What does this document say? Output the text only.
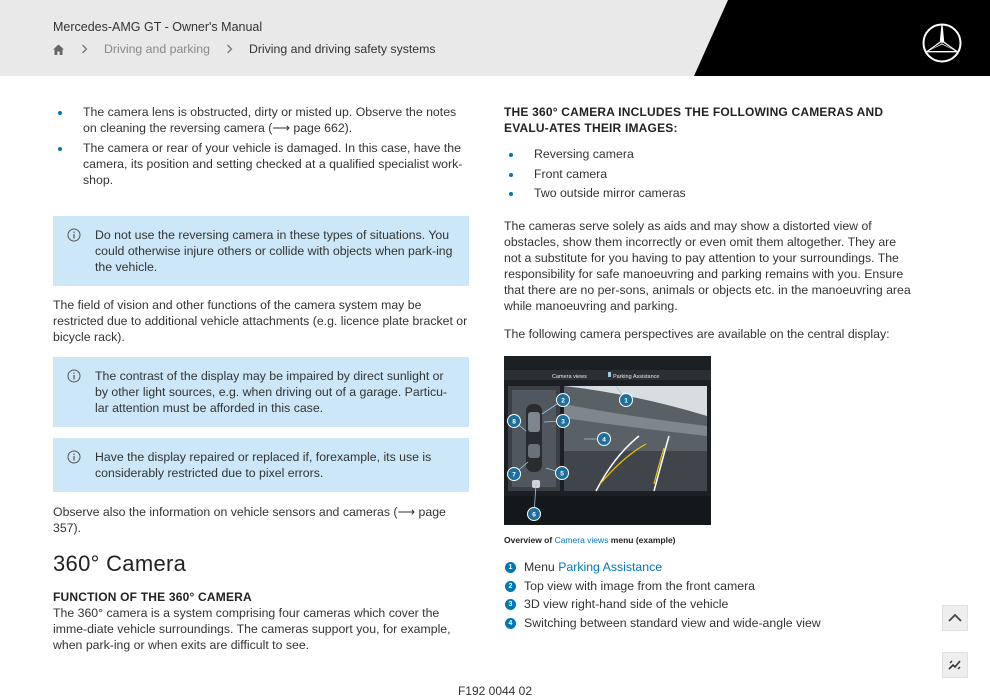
Mercedes-AMG GT - Owner's Manual
Driving and parking	Driving and driving safety systems
The camera lens is obstructed, dirty or misted up. Observe the notes on cleaning the reversing camera (⟶ page 662).
The camera or rear of your vehicle is damaged. In this case, have the camera, its position and setting checked at a qualified specialist work-shop.
Do not use the reversing camera in these types of situations. You could otherwise injure others or collide with objects when park-ing the vehicle.

The field of vision and other functions of the camera system may be restricted due to additional vehicle attachments (e.g. licence plate bracket or bicycle rack).

The contrast of the display may be impaired by direct sunlight or by other light sources, e.g. when driving out of a garage. Particu-lar attention must be afforded in this case.
Have the display repaired or replaced if, forexample, its use is considerably restricted due to pixel errors.

Observe also the information on vehicle sensors and cameras (⟶ page 357).

360° Camera
FUNCTION OF THE 360° CAMERA

The 360° camera is a system comprising four cameras which cover the imme-diate vehicle surroundings. The cameras support you, for example, when park-ing or when exits are difficult to see.

THE 360° CAMERA INCLUDES THE FOLLOWING CAMERAS AND EVALU-ATES THEIR IMAGES:
Reversing camera
Front camera
Two outside mirror cameras

The cameras serve solely as aids and may show a distorted view of obstacles, show them incorrectly or even omit them altogether. They are not a substitute for you having to pay attention to your surroundings. The responsibility for safe manoeuvring and parking remains with you. Ensure that there are no per-sons, animals or objects etc. in the manoeuvring area while manoeuvring and parking.

The following camera perspectives are available on the central display:

Camera views	Parking Assistance
1
2
3
4
5
6
7
8
Overview of Camera views menu (example)
1 Menu Parking Assistance
2 Top view with image from the front camera
3 3D view right-hand side of the vehicle
4 Switching between standard view and wide-angle view
F192 0044 02
